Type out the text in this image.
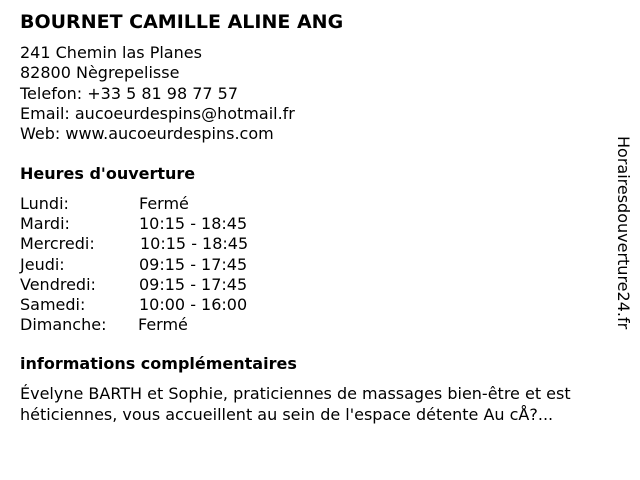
BOURNET CAMILLE ALINE ANG
241 Chemin las Planes
82800 Nègrepelisse
Telefon: +33 5 81 98 77 57
Email: aucoeurdespins@hotmail.fr
Web: www.aucoeurdespins.com
Heures d'ouverture
Lundi:	Fermé
Mardi:	10:15 - 18:45
Mercredi:	10:15 - 18:45
Jeudi:	09:15 - 17:45
Vendredi:	09:15 - 17:45
Samedi:	10:00 - 16:00
Dimanche: Fermé
informations complémentaires
Évelyne BARTH et Sophie, praticiennes de massages bien-être et est héticiennes, vous accueillent au sein de l'espace détente Au cÅ?...
Horairesdouverture24.fr
